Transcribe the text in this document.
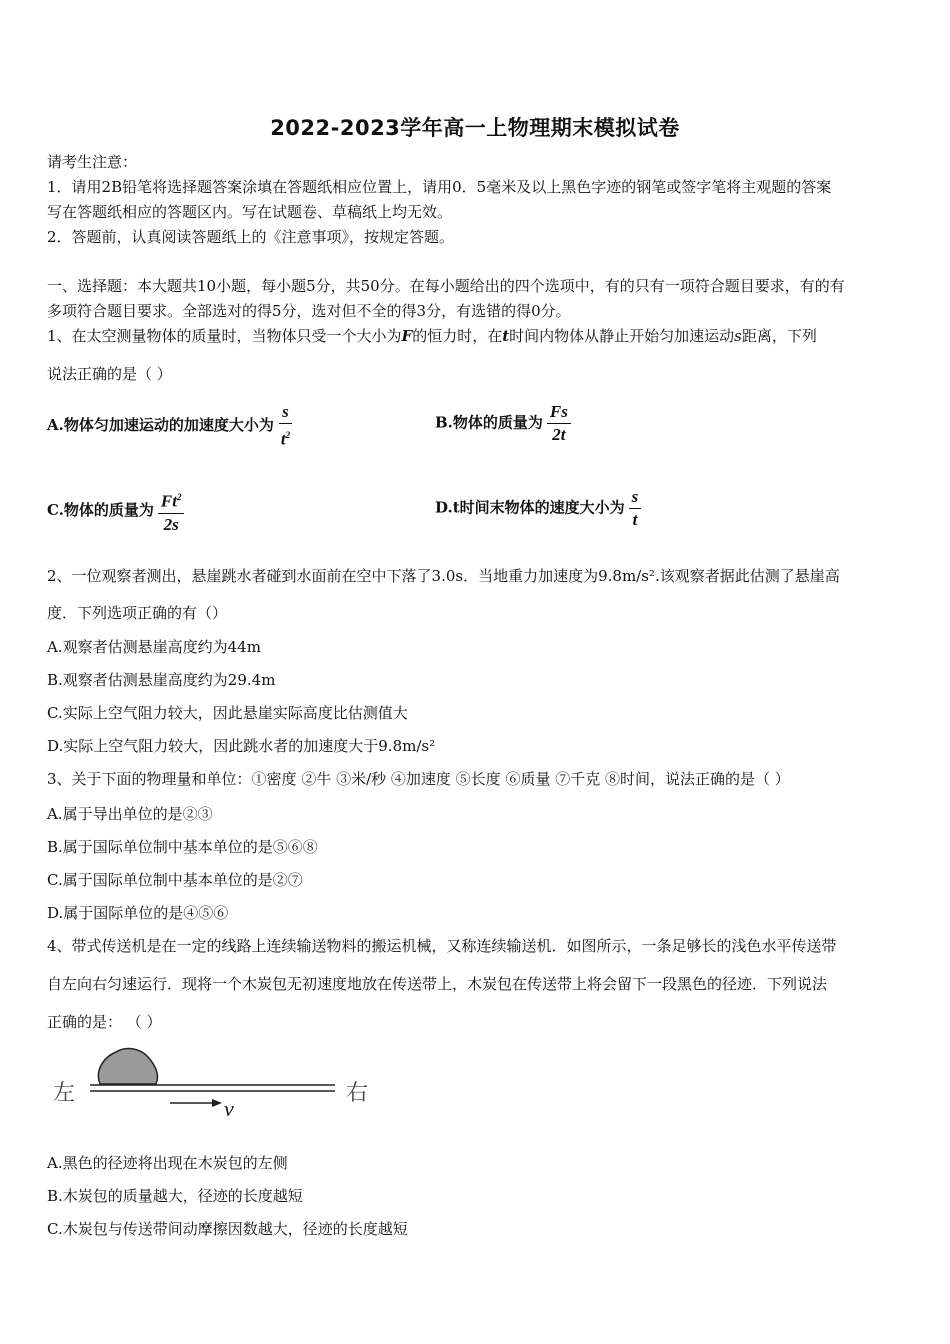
2022-2023学年高一上物理期末模拟试卷
请考生注意：
1．请用2B铅笔将选择题答案涂填在答题纸相应位置上，请用0．5毫米及以上黑色字迹的钢笔或签字笔将主观题的答案
写在答题纸相应的答题区内。写在试题卷、草稿纸上均无效。
2．答题前，认真阅读答题纸上的《注意事项》，按规定答题。
一、选择题：本大题共10小题，每小题5分，共50分。在每小题给出的四个选项中，有的只有一项符合题目要求，有的有
多项符合题目要求。全部选对的得5分，选对但不全的得3分，有选错的得0分。
1、在太空测量物体的质量时，当物体只受一个大小为F的恒力时，在t时间内物体从静止开始匀加速运动s距离，下列
说法正确的是（ ）
A.物体匀加速运动的加速度大小为 $\frac{s}{t^2}$	B.物体的质量为 $\frac{Fs}{2t}$
C.物体的质量为 $\frac{Ft^2}{2s}$	D.t时间末物体的速度大小为 $\frac{s}{t}$
2、一位观察者测出，悬崖跳水者碰到水面前在空中下落了3.0s．当地重力加速度为9.8m/s².该观察者据此估测了悬崖高
度．下列选项正确的有（）
A.观察者估测悬崖高度约为44m
B.观察者估测悬崖高度约为29.4m
C.实际上空气阻力较大，因此悬崖实际高度比估测值大
D.实际上空气阻力较大，因此跳水者的加速度大于9.8m/s²
3、关于下面的物理量和单位：①密度 ②牛 ③米/秒 ④加速度 ⑤长度 ⑥质量 ⑦千克 ⑧时间，说法正确的是（ ）
A.属于导出单位的是②③
B.属于国际单位制中基本单位的是⑤⑥⑧
C.属于国际单位制中基本单位的是②⑦
D.属于国际单位的是④⑤⑥
4、带式传送机是在一定的线路上连续输送物料的搬运机械，又称连续输送机．如图所示，一条足够长的浅色水平传送带
自左向右匀速运行．现将一个木炭包无初速度地放在传送带上，木炭包在传送带上将会留下一段黑色的径迹．下列说法
正确的是： （ ）
左	右
v
A.黑色的径迹将出现在木炭包的左侧
B.木炭包的质量越大，径迹的长度越短
C.木炭包与传送带间动摩擦因数越大，径迹的长度越短
